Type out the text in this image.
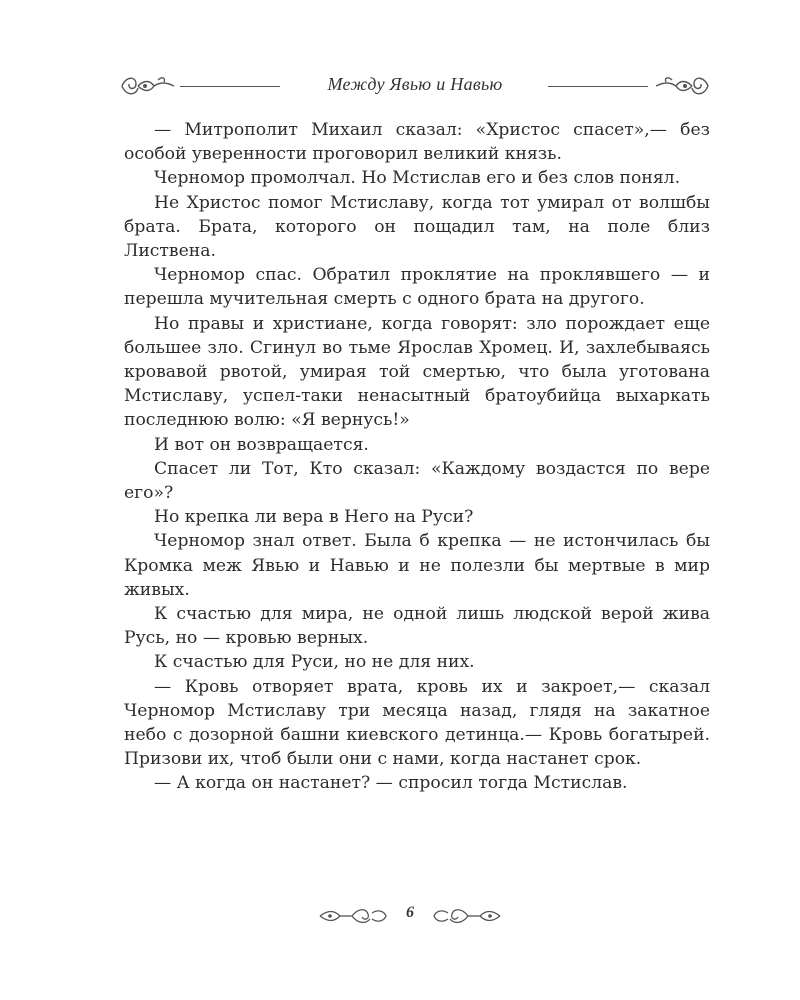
Между Явью и Навью

— Митрополит Михаил сказал: «Христос спасет»,— без особой уверенности проговорил великий князь.

Черномор промолчал. Но Мстислав его и без слов понял.

Не Христос помог Мстиславу, когда тот умирал от волшбы брата. Брата, которого он пощадил там, на поле близ Листвена.

Черномор спас. Обратил проклятие на проклявшего — и перешла мучительная смерть с одного брата на другого.

Но правы и христиане, когда говорят: зло порождает еще большее зло. Сгинул во тьме Ярослав Хромец. И, захлебываясь кровавой рвотой, умирая той смертью, что была уготована Мстиславу, успел-таки ненасытный братоубийца выхаркать последнюю волю: «Я вернусь!»

И вот он возвращается.

Спасет ли Тот, Кто сказал: «Каждому воздастся по вере его»?

Но крепка ли вера в Него на Руси?

Черномор знал ответ. Была б крепка — не истончилась бы Кромка меж Явью и Навью и не полезли бы мертвые в мир живых.

К счастью для мира, не одной лишь людской верой жива Русь, но — кровью верных.

К счастью для Руси, но не для них.

— Кровь отворяет врата, кровь их и закроет,— сказал Черномор Мстиславу три месяца назад, глядя на закатное небо с дозорной башни киевского детинца.— Кровь богатырей. Призови их, чтоб были они с нами, когда настанет срок.

— А когда он настанет? — спросил тогда Мстислав.

6
